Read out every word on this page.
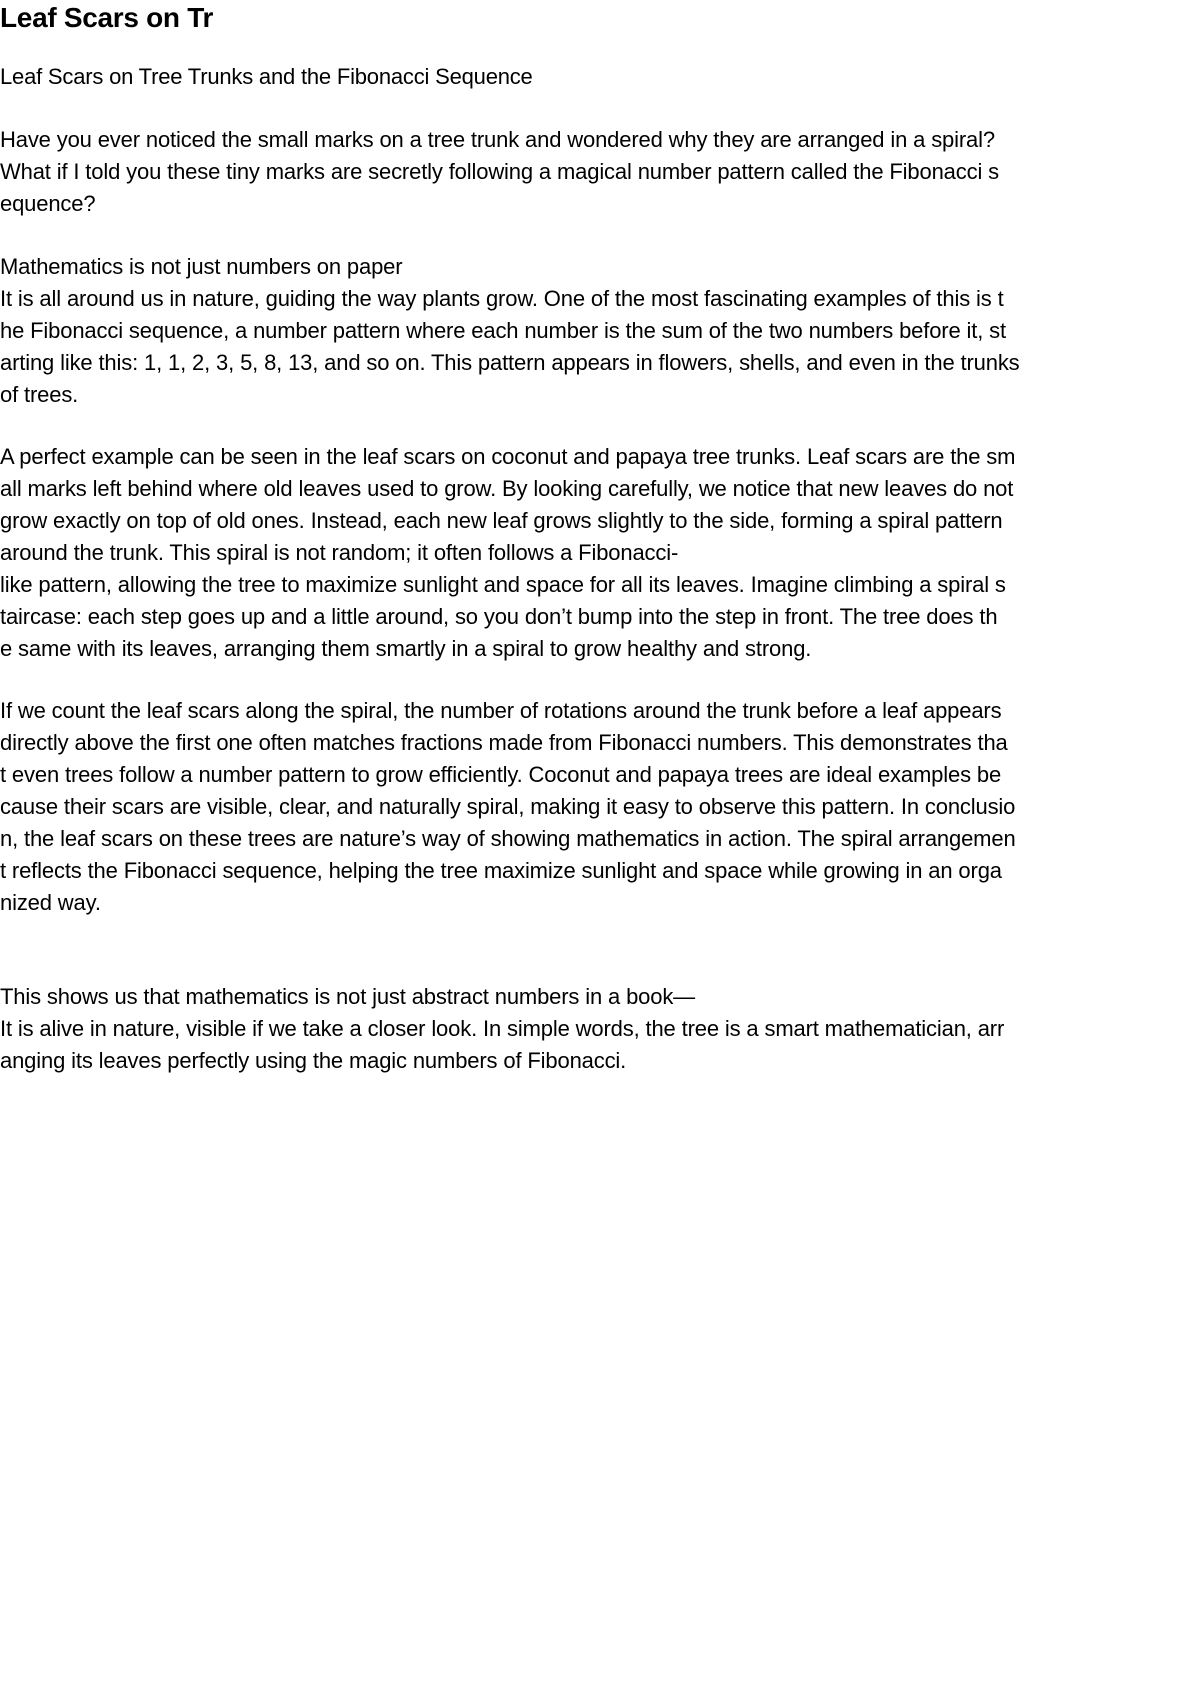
Leaf Scars on Tr
Leaf Scars on Tree Trunks and the Fibonacci Sequence
Have you ever noticed the small marks on a tree trunk and wondered why they are arranged in a spiral?
What if I told you these tiny marks are secretly following a magical number pattern called the Fibonacci s
equence?
Mathematics is not just numbers on paper
It is all around us in nature, guiding the way plants grow. One of the most fascinating examples of this is t
he Fibonacci sequence, a number pattern where each number is the sum of the two numbers before it, st
arting like this: 1, 1, 2, 3, 5, 8, 13, and so on. This pattern appears in flowers, shells, and even in the trunks
of trees.
A perfect example can be seen in the leaf scars on coconut and papaya tree trunks. Leaf scars are the sm
all marks left behind where old leaves used to grow. By looking carefully, we notice that new leaves do not
grow exactly on top of old ones. Instead, each new leaf grows slightly to the side, forming a spiral pattern
around the trunk. This spiral is not random; it often follows a Fibonacci-
like pattern, allowing the tree to maximize sunlight and space for all its leaves. Imagine climbing a spiral s
taircase: each step goes up and a little around, so you don’t bump into the step in front. The tree does th
e same with its leaves, arranging them smartly in a spiral to grow healthy and strong.
If we count the leaf scars along the spiral, the number of rotations around the trunk before a leaf appears
directly above the first one often matches fractions made from Fibonacci numbers. This demonstrates tha
t even trees follow a number pattern to grow efficiently. Coconut and papaya trees are ideal examples be
cause their scars are visible, clear, and naturally spiral, making it easy to observe this pattern. In conclusio
n, the leaf scars on these trees are nature’s way of showing mathematics in action. The spiral arrangemen
t reflects the Fibonacci sequence, helping the tree maximize sunlight and space while growing in an orga
nized way.
This shows us that mathematics is not just abstract numbers in a book—
It is alive in nature, visible if we take a closer look. In simple words, the tree is a smart mathematician, arr
anging its leaves perfectly using the magic numbers of Fibonacci.
